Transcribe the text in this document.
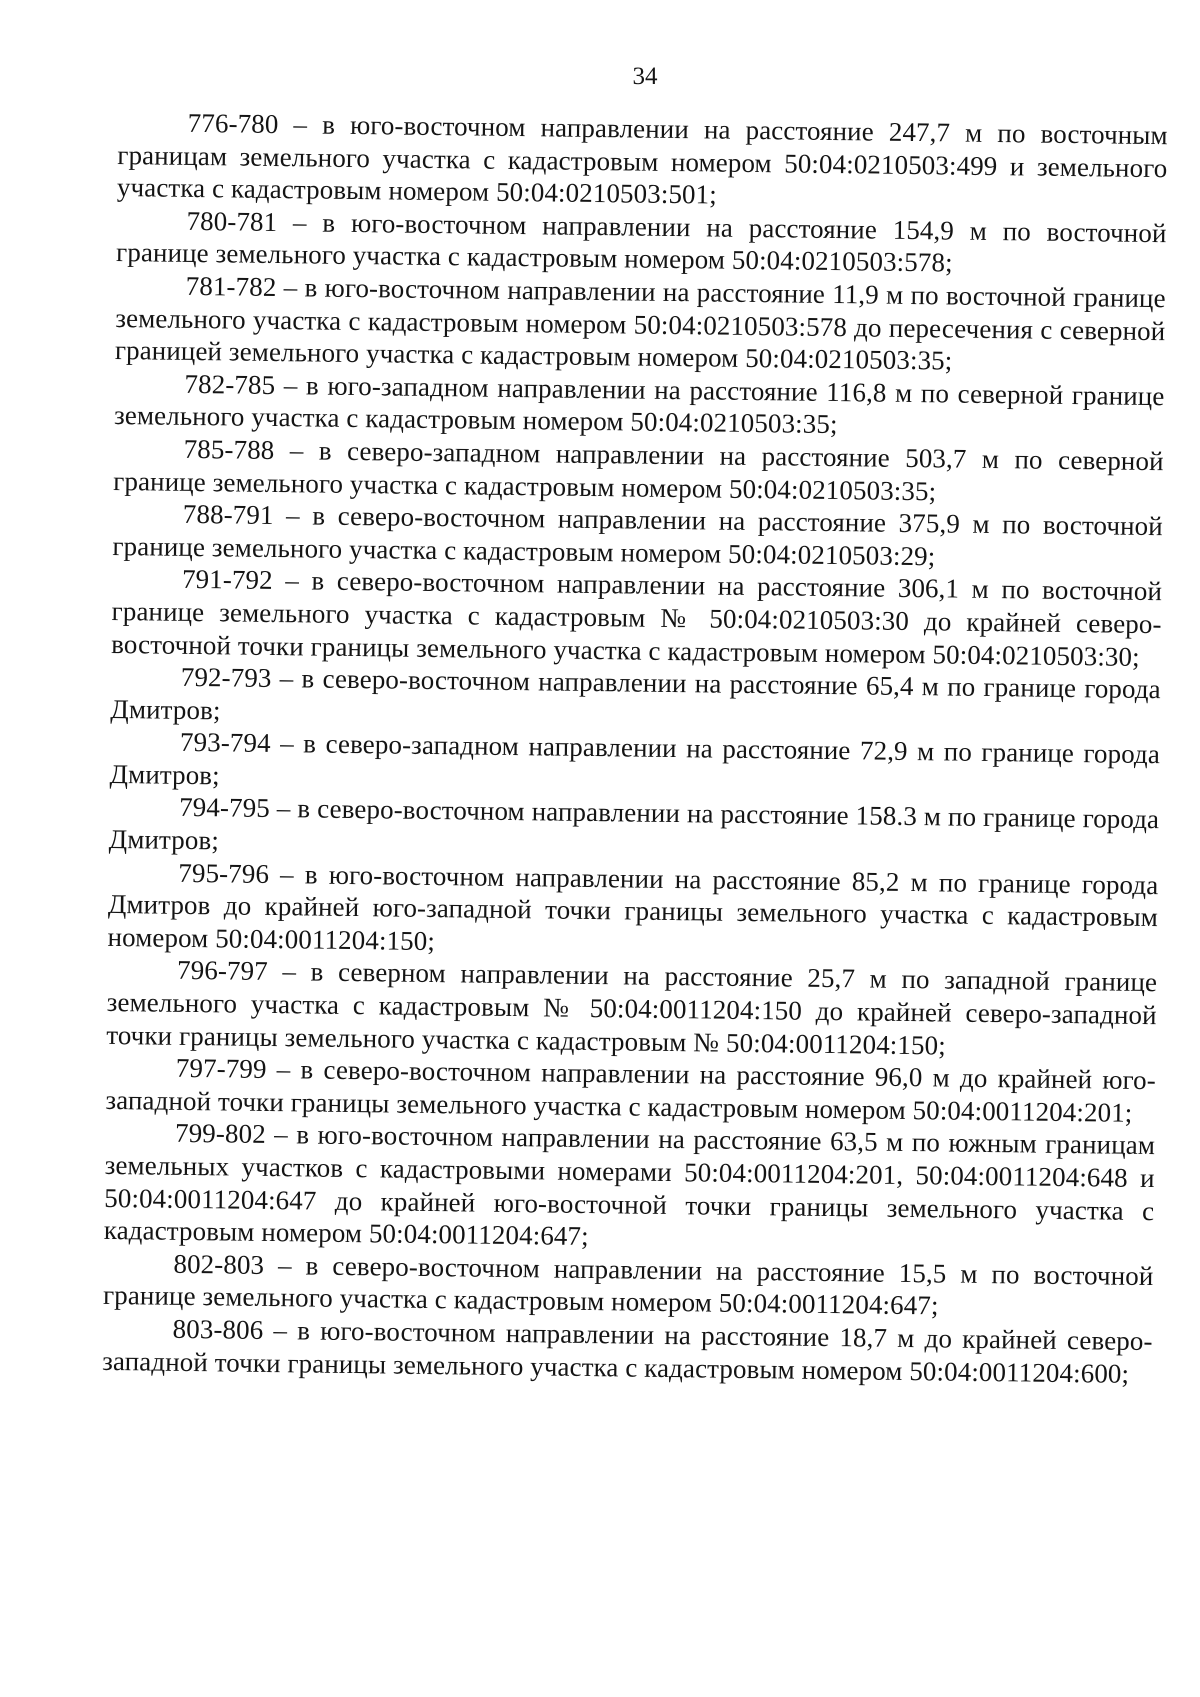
34

776-780 – в юго-восточном направлении на расстояние 247,7 м по восточным границам земельного участка с кадастровым номером 50:04:0210503:499 и земельного участка с кадастровым номером 50:04:0210503:501;

780-781 – в юго-восточном направлении на расстояние 154,9 м по восточной границе земельного участка с кадастровым номером 50:04:0210503:578;

781-782 – в юго-восточном направлении на расстояние 11,9 м по восточной границе земельного участка с кадастровым номером 50:04:0210503:578 до пересечения с северной границей земельного участка с кадастровым номером 50:04:0210503:35;

782-785 – в юго-западном направлении на расстояние 116,8 м по северной границе земельного участка с кадастровым номером 50:04:0210503:35;

785-788 – в северо-западном направлении на расстояние 503,7 м по северной границе земельного участка с кадастровым номером 50:04:0210503:35;

788-791 – в северо-восточном направлении на расстояние 375,9 м по восточной границе земельного участка с кадастровым номером 50:04:0210503:29;

791-792 – в северо-восточном направлении на расстояние 306,1 м по восточной границе земельного участка с кадастровым № 50:04:0210503:30 до крайней северо-восточной точки границы земельного участка с кадастровым номером 50:04:0210503:30;

792-793 – в северо-восточном направлении на расстояние 65,4 м по границе города Дмитров;

793-794 – в северо-западном направлении на расстояние 72,9 м по границе города Дмитров;

794-795 – в северо-восточном направлении на расстояние 158.3 м по границе города Дмитров;

795-796 – в юго-восточном направлении на расстояние 85,2 м по границе города Дмитров до крайней юго-западной точки границы земельного участка с кадастровым номером 50:04:0011204:150;

796-797 – в северном направлении на расстояние 25,7 м по западной границе земельного участка с кадастровым № 50:04:0011204:150 до крайней северо-западной точки границы земельного участка с кадастровым № 50:04:0011204:150;

797-799 – в северо-восточном направлении на расстояние 96,0 м до крайней юго-западной точки границы земельного участка с кадастровым номером 50:04:0011204:201;

799-802 – в юго-восточном направлении на расстояние 63,5 м по южным границам земельных участков с кадастровыми номерами 50:04:0011204:201, 50:04:0011204:648 и 50:04:0011204:647 до крайней юго-восточной точки границы земельного участка с кадастровым номером 50:04:0011204:647;

802-803 – в северо-восточном направлении на расстояние 15,5 м по восточной границе земельного участка с кадастровым номером 50:04:0011204:647;

803-806 – в юго-восточном направлении на расстояние 18,7 м до крайней северо-западной точки границы земельного участка с кадастровым номером 50:04:0011204:600;
